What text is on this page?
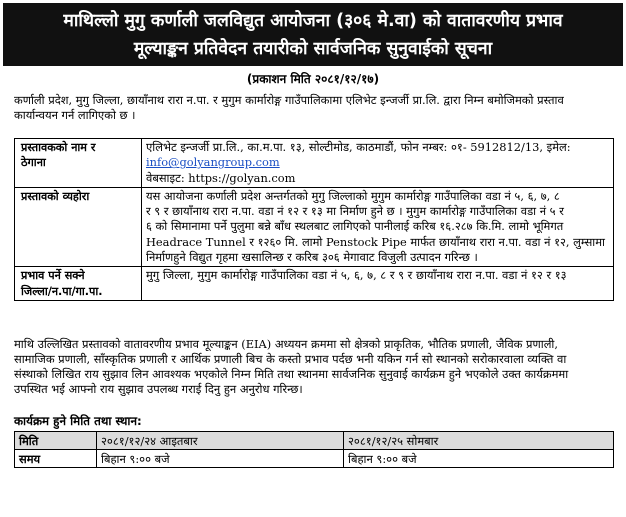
माथिल्लो मुगु कर्णाली जलविद्युत आयोजना (३०६ मे.वा) को वातावरणीय प्रभाव
मूल्याङ्कन प्रतिवेदन तयारीको सार्वजनिक सुनुवाईको सूचना
(प्रकाशन मिति २०८१/१२/१७)
कर्णाली प्रदेश, मुगु जिल्ला, छायाँनाथ रारा न.पा. र मुगुम कार्मारोङ्ग गाउँपालिकामा एलिभेट इन्जर्जी प्रा.लि. द्वारा निम्न बमोजिमको प्रस्ताव
कार्यान्वयन गर्न लागिएको छ ।
प्रस्तावकको नाम र
ठेगाना	एलिभेट इन्जर्जी प्रा.लि., का.म.पा. १३, सोल्टीमोड, काठमाडौं, फोन नम्बर: ०१- 5912812/13, इमेल:
info@golyangroup.com
वेबसाइट: https://golyan.com

प्रस्तावको व्यहोरा	यस आयोजना कर्णाली प्रदेश अन्तर्गतको मुगु जिल्लाको मुगुम कार्मारोङ्ग गाउँपालिका वडा नं ५, ६, ७, ८
र ९ र छायाँनाथ रारा न.पा. वडा नं १२ र १३ मा निर्माण हुने छ । मुगुम कार्मारोङ्ग गाउँपालिका वडा नं ५ र
६ को सिमानामा पर्ने पुलुमा बन्ने बाँध स्थलबाट लागिएको पानीलाई करिब १६.२८७ कि.मि. लामो भूमिगत
Headrace Tunnel र १२६० मि. लामो Penstock Pipe मार्फत छायाँनाथ रारा न.पा. वडा नं १२, लुम्सामा
निर्माणहुने विद्युत गृहमा खसालिन्छ र करिब ३०६ मेगावाट विजुली उत्पादन गरिन्छ ।

प्रभाव पर्ने सक्ने
जिल्ला/न.पा/गा.पा.	मुगु जिल्ला, मुगुम कार्मारोङ्ग गाउँपालिका वडा नं ५, ६, ७, ८ र ९ र छायाँनाथ रारा न.पा. वडा नं १२ र १३
माथि उल्लिखित प्रस्तावको वातावरणीय प्रभाव मूल्याङ्कन (EIA) अध्ययन क्रममा सो क्षेत्रको प्राकृतिक, भौतिक प्रणाली, जैविक प्रणाली,
सामाजिक प्रणाली, साँस्कृतिक प्रणाली र आर्थिक प्रणाली बिच के कस्तो प्रभाव पर्दछ भनी यकिन गर्न सो स्थानको सरोकारवाला व्यक्ति वा
संस्थाको लिखित राय सुझाव लिन आवश्यक भएकोले निम्न मिति तथा स्थानमा सार्वजनिक सुनुवाई कार्यक्रम हुने भएकोले उक्त कार्यक्रममा
उपस्थित भई आफ्नो राय सुझाव उपलब्ध गराई दिनु हुन अनुरोध गरिन्छ।
कार्यक्रम हुने मिति तथा स्थान:
मिति	२०८१/१२/२४ आइतबार	२०८१/१२/२५ सोमबार
समय	बिहान ९:०० बजे	बिहान ९:०० बजे
